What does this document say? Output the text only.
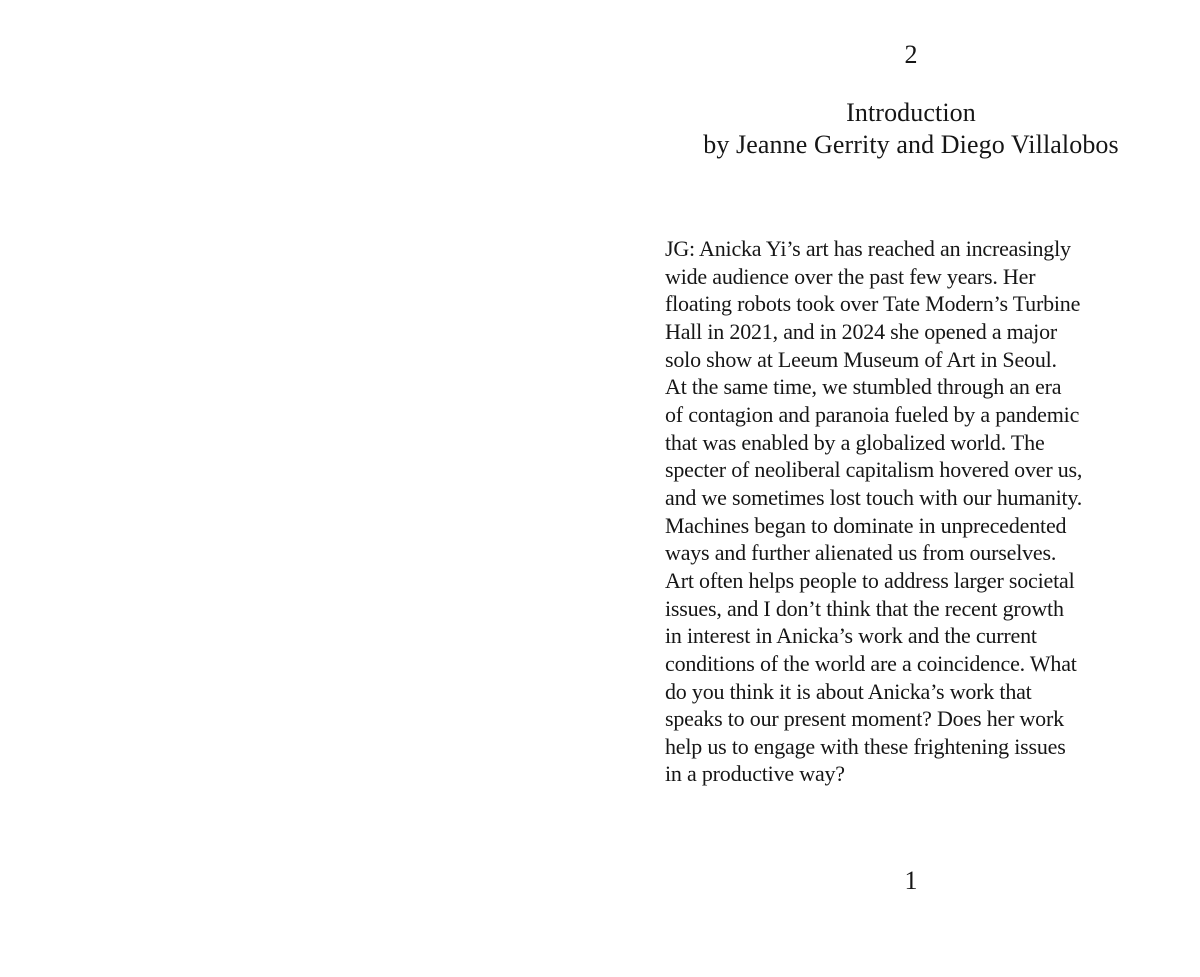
2
Introduction
by Jeanne Gerrity and Diego Villalobos
JG: Anicka Yi’s art has reached an increasingly
wide audience over the past few years. Her
floating robots took over Tate Modern’s Turbine
Hall in 2021, and in 2024 she opened a major
solo show at Leeum Museum of Art in Seoul.
At the same time, we stumbled through an era
of contagion and paranoia fueled by a pandemic
that was enabled by a globalized world. The
specter of neoliberal capitalism hovered over us,
and we sometimes lost touch with our humanity.
Machines began to dominate in unprecedented
ways and further alienated us from ourselves.
Art often helps people to address larger societal
issues, and I don’t think that the recent growth
in interest in Anicka’s work and the current
conditions of the world are a coincidence. What
do you think it is about Anicka’s work that
speaks to our present moment? Does her work
help us to engage with these frightening issues
in a productive way?
1
